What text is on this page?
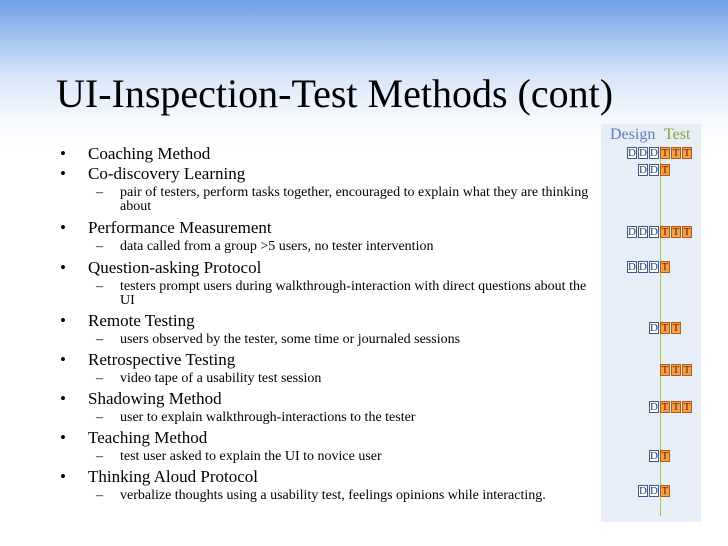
UI-Inspection-Test Methods (cont)
Design Test
• Coaching Method
• Co-discovery Learning
– pair of testers, perform tasks together, encouraged to explain what they are thinking about
• Performance Measurement
– data called from a group >5 users, no tester intervention
• Question-asking Protocol
– testers prompt users during walkthrough-interaction with direct questions about the UI
• Remote Testing
– users observed by the tester, some time or journaled sessions
• Retrospective Testing
– video tape of a usability test session
• Shadowing Method
– user to explain walkthrough-interactions to the tester
• Teaching Method
– test user asked to explain the UI to novice user
• Thinking Aloud Protocol
– verbalize thoughts using a usability test, feelings opinions while interacting.
D D D T T T
D D T
D D D T T T
D D D T
D T T
T T T
D T T T
D T
D D T
